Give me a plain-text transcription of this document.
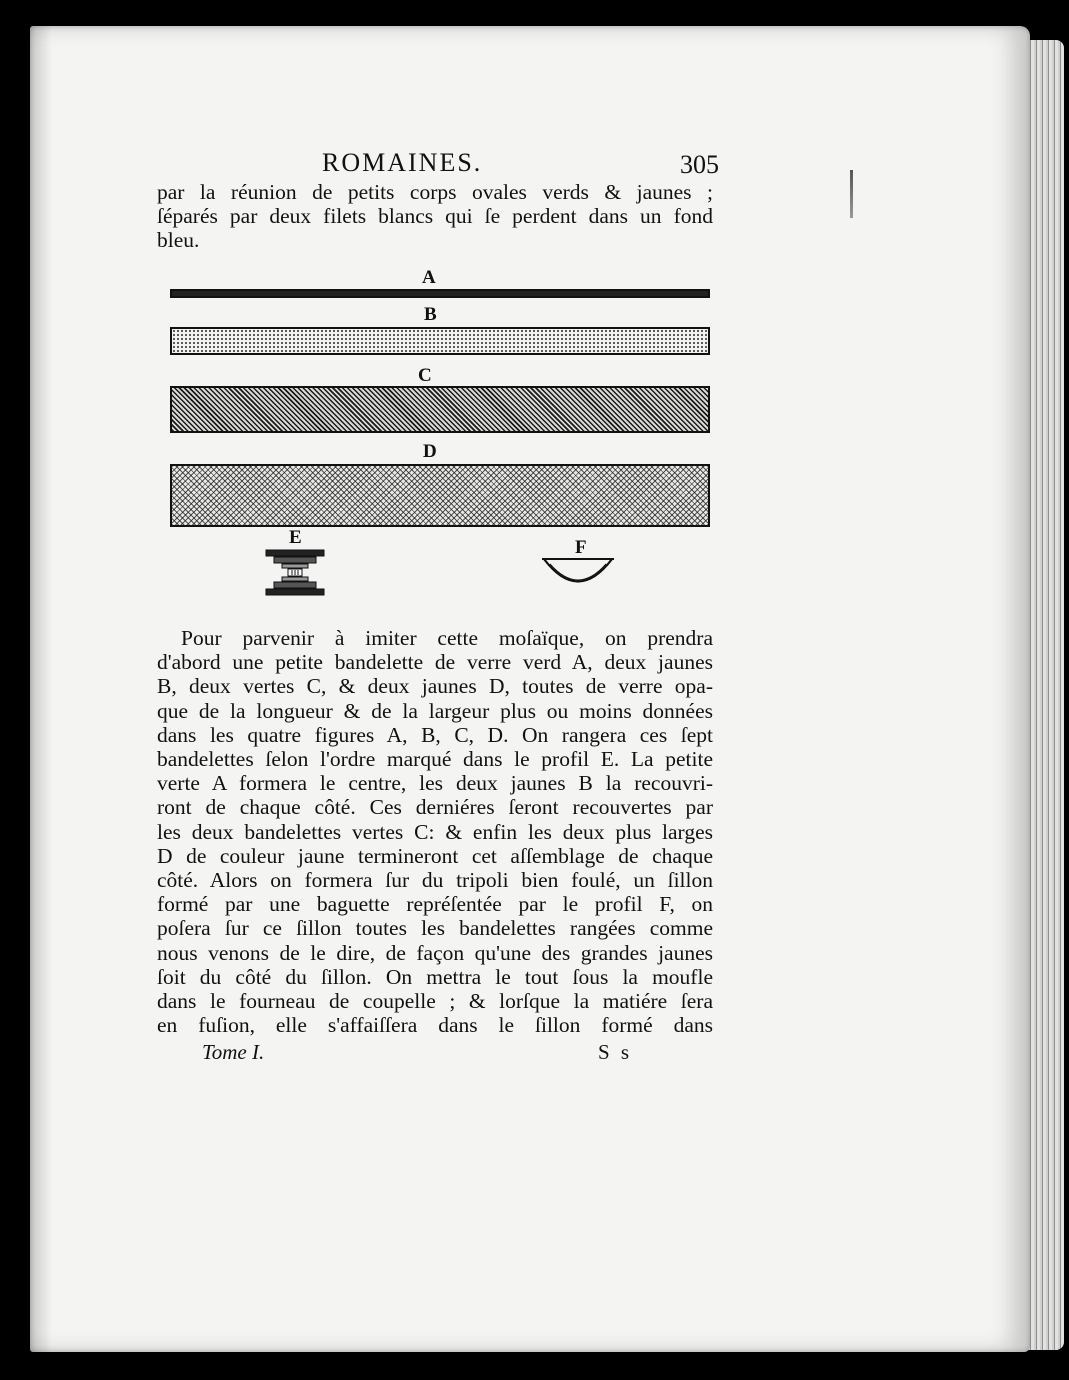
ROMAINES.	305

par la réunion de petits corps ovales verds & jaunes ;
ſéparés par deux filets blancs qui ſe perdent dans un fond
bleu.

A
B
C
D
E	F

Pour parvenir à imiter cette moſaïque, on prendra

d'abord une petite bandelette de verre verd A, deux jaunes
B, deux vertes C, & deux jaunes D, toutes de verre opa-
que de la longueur & de la largeur plus ou moins données
dans les quatre figures A, B, C, D. On rangera ces ſept
bandelettes ſelon l'ordre marqué dans le profil E. La petite
verte A formera le centre, les deux jaunes B la recouvri-
ront de chaque côté. Ces derniéres ſeront recouvertes par
les deux bandelettes vertes C: & enfin les deux plus larges
D de couleur jaune termineront cet aſſemblage de chaque
côté. Alors on formera ſur du tripoli bien foulé, un ſillon
formé par une baguette repréſentée par le profil F, on
poſera ſur ce ſillon toutes les bandelettes rangées comme
nous venons de le dire, de façon qu'une des grandes jaunes
ſoit du côté du ſillon. On mettra le tout ſous la moufle
dans le fourneau de coupelle ; & lorſque la matiére ſera
en fuſion, elle s'affaiſſera dans le ſillon formé dans
Tome I.	S s
